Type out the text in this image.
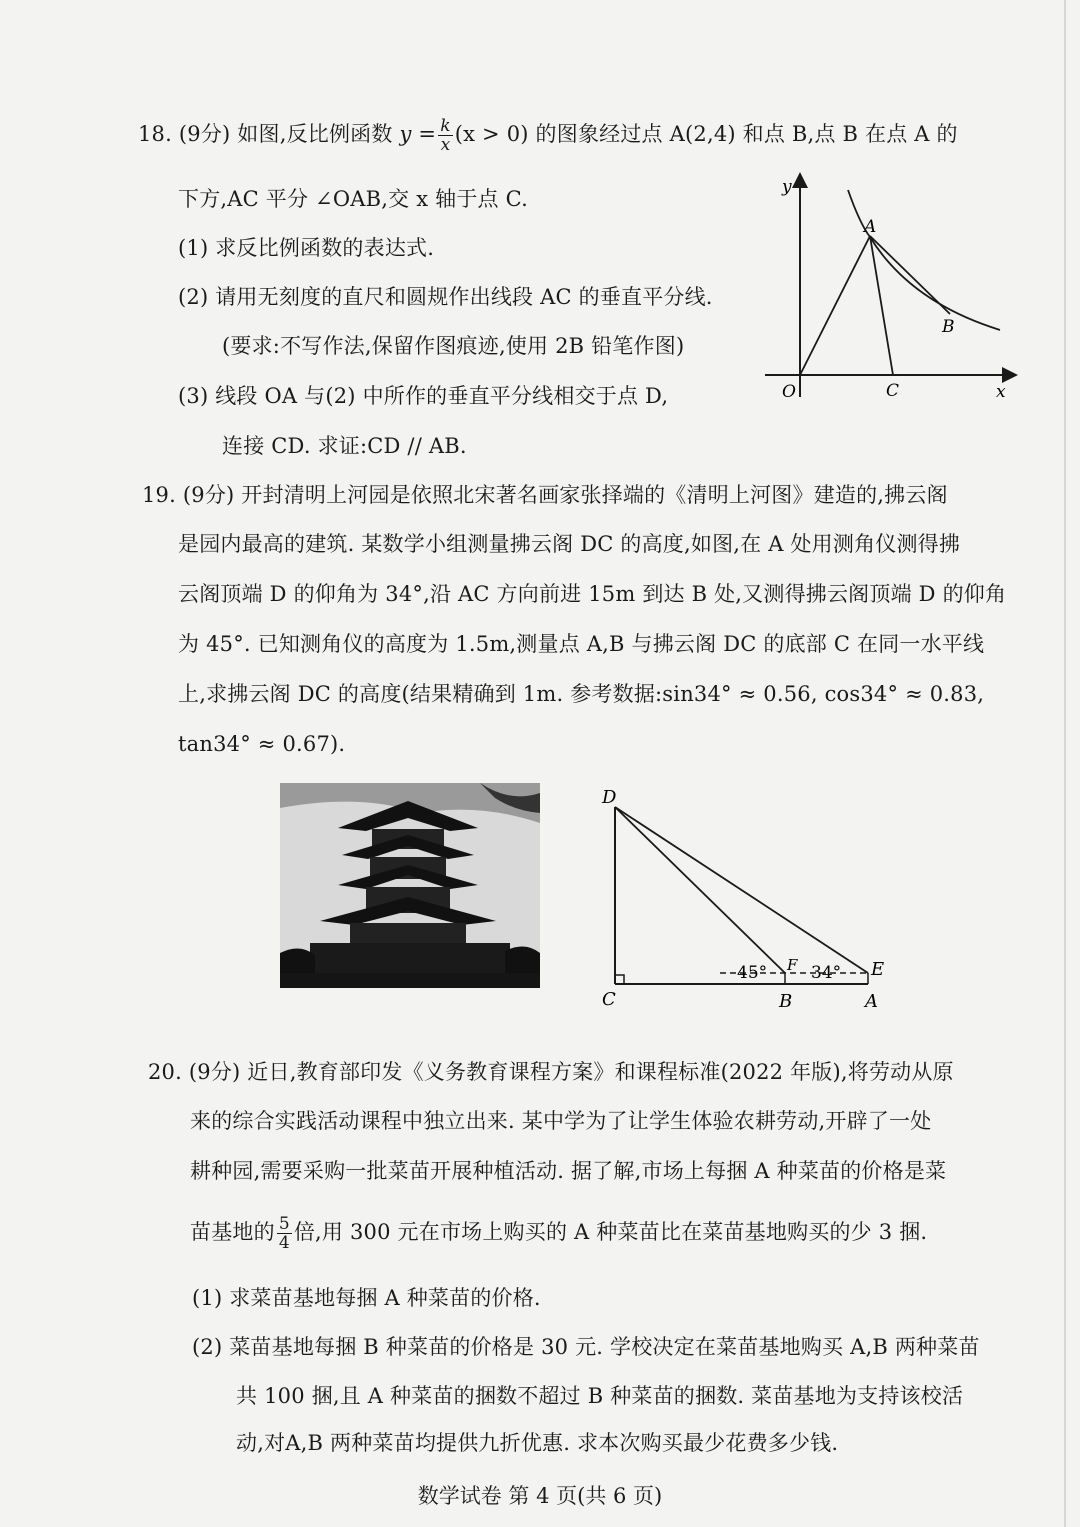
18. (9分) 如图,反比例函数 $y = \frac{k}{x} (x > 0)$ 的图象经过点 A(2,4) 和点 B,点 B 在点 A 的
下方,AC 平分 ∠OAB,交 x 轴于点 C.
(1) 求反比例函数的表达式.
(2) 请用无刻度的直尺和圆规作出线段 AC 的垂直平分线.
(要求:不写作法,保留作图痕迹,使用 2B 铅笔作图)
(3) 线段 OA 与(2) 中所作的垂直平分线相交于点 D,
连接 CD. 求证:CD // AB.
y
x
O
A
B
C
19. (9分) 开封清明上河园是依照北宋著名画家张择端的《清明上河图》建造的,拂云阁
是园内最高的建筑. 某数学小组测量拂云阁 DC 的高度,如图,在 A 处用测角仪测得拂
云阁顶端 D 的仰角为 34°,沿 AC 方向前进 15m 到达 B 处,又测得拂云阁顶端 D 的仰角
为 45°. 已知测角仪的高度为 1.5m,测量点 A,B 与拂云阁 DC 的底部 C 在同一水平线
上,求拂云阁 DC 的高度(结果精确到 1m. 参考数据:sin34° ≈ 0.56, cos34° ≈ 0.83,
tan34° ≈ 0.67).
D
C	B	A
E
F
45°	34°
20. (9分) 近日,教育部印发《义务教育课程方案》和课程标准(2022 年版),将劳动从原
来的综合实践活动课程中独立出来. 某中学为了让学生体验农耕劳动,开辟了一处
耕种园,需要采购一批菜苗开展种植活动. 据了解,市场上每捆 A 种菜苗的价格是菜
苗基地的 $\frac{5}{4}$ 倍,用 300 元在市场上购买的 A 种菜苗比在菜苗基地购买的少 3 捆.
(1) 求菜苗基地每捆 A 种菜苗的价格.
(2) 菜苗基地每捆 B 种菜苗的价格是 30 元. 学校决定在菜苗基地购买 A,B 两种菜苗
共 100 捆,且 A 种菜苗的捆数不超过 B 种菜苗的捆数. 菜苗基地为支持该校活
动,对A,B 两种菜苗均提供九折优惠. 求本次购买最少花费多少钱.
数学试卷 第 4 页(共 6 页)
